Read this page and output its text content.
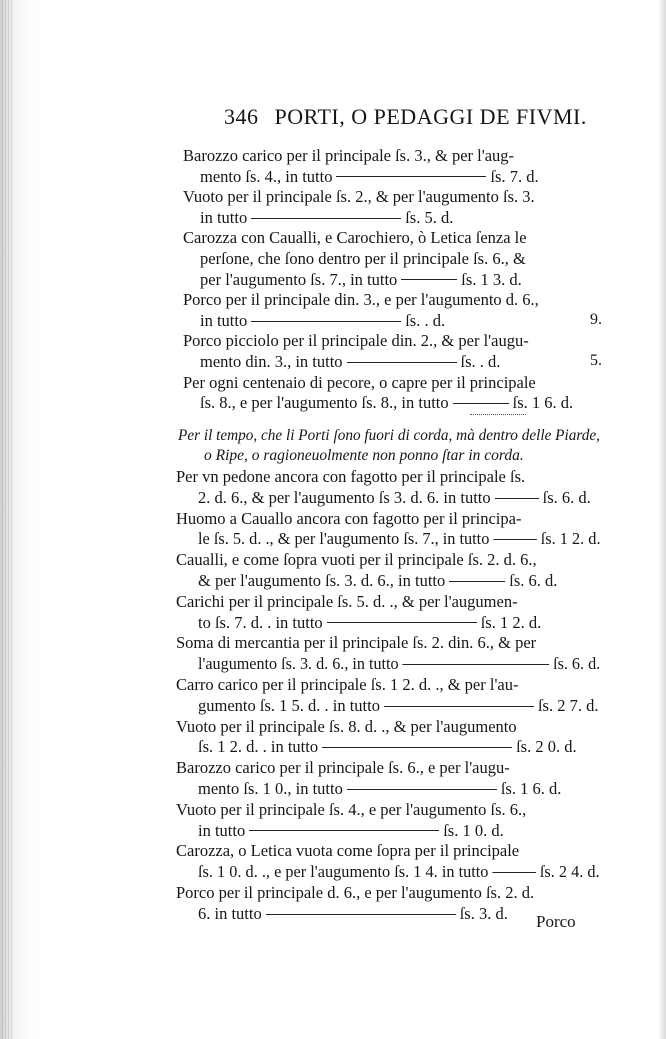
346 PORTI, O PEDAGGI DE FIVMI.
Barozzo carico per il principale ſs. 3., & per l'aug-
mento ſs. 4., in tutto	ſs. 7. d.
Vuoto per il principale ſs. 2., & per l'augumento ſs. 3.
in tutto	ſs. 5. d.
Carozza con Caualli, e Carochiero, ò Letica ſenza le
perſone, che ſono dentro per il principale ſs. 6., &
per l'augumento ſs. 7., in tutto	ſs. 1 3. d.
Porco per il principale din. 3., e per l'augumento d. 6.,
in tutto	ſs. . d.
Porco picciolo per il principale din. 2., & per l'augu-
mento din. 3., in tutto	ſs. . d.
Per ogni centenaio di pecore, o capre per il principale
ſs. 8., e per l'augumento ſs. 8., in tutto	ſs. 1 6. d.
Per il tempo, che li Porti ſono fuori di corda, mà dentro delle Piarde,
o Ripe, o ragioneuolmente non ponno ſtar in corda.
Per vn pedone ancora con fagotto per il principale ſs.
2. d. 6., & per l'augumento ſs 3. d. 6. in tutto	ſs. 6. d.
Huomo a Cauallo ancora con fagotto per il principa-
le ſs. 5. d. ., & per l'augumento ſs. 7., in tutto	ſs. 1 2. d.
Caualli, e come ſopra vuoti per il principale ſs. 2. d. 6.,
& per l'augumento ſs. 3. d. 6., in tutto	ſs. 6. d.
Carichi per il principale ſs. 5. d. ., & per l'augumen-
to ſs. 7. d. . in tutto	ſs. 1 2. d.
Soma di mercantia per il principale ſs. 2. din. 6., & per
l'augumento ſs. 3. d. 6., in tutto	ſs. 6. d.
Carro carico per il principale ſs. 1 2. d. ., & per l'au-
gumento ſs. 1 5. d. . in tutto	ſs. 2 7. d.
Vuoto per il principale ſs. 8. d. ., & per l'augumento
ſs. 1 2. d. . in tutto	ſs. 2 0. d.
Barozzo carico per il principale ſs. 6., e per l'augu-
mento ſs. 1 0., in tutto	ſs. 1 6. d.
Vuoto per il principale ſs. 4., e per l'augumento ſs. 6.,
in tutto	ſs. 1 0. d.
Carozza, o Letica vuota come ſopra per il principale
ſs. 1 0. d. ., e per l'augumento ſs. 1 4. in tutto	ſs. 2 4. d.
Porco per il principale d. 6., e per l'augumento ſs. 2. d.
6. in tutto	ſs. 3. d.
9.
5.
Porco
